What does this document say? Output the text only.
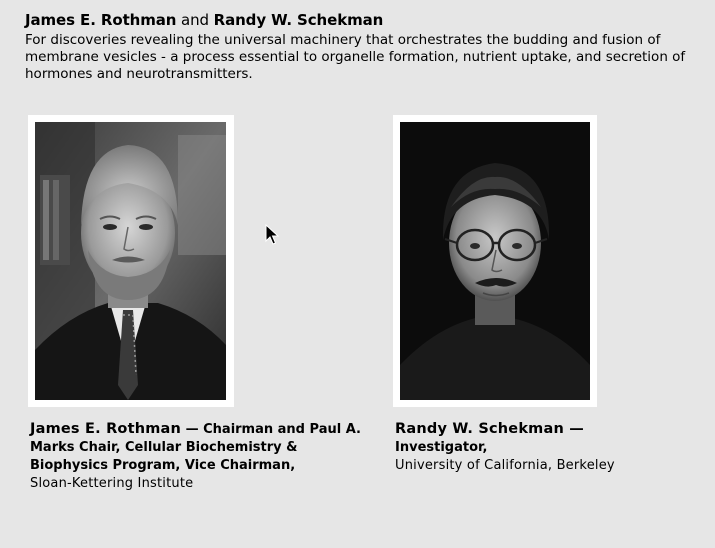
James E. Rothman and Randy W. Schekman
For discoveries revealing the universal machinery that orchestrates the budding and fusion of membrane vesicles - a process essential to organelle formation, nutrient uptake, and secretion of hormones and neurotransmitters.
James E. Rothman — Chairman and Paul A. Marks Chair, Cellular Biochemistry & Biophysics Program, Vice Chairman,
Sloan-Kettering Institute
Randy W. Schekman —
Investigator,
University of California, Berkeley
